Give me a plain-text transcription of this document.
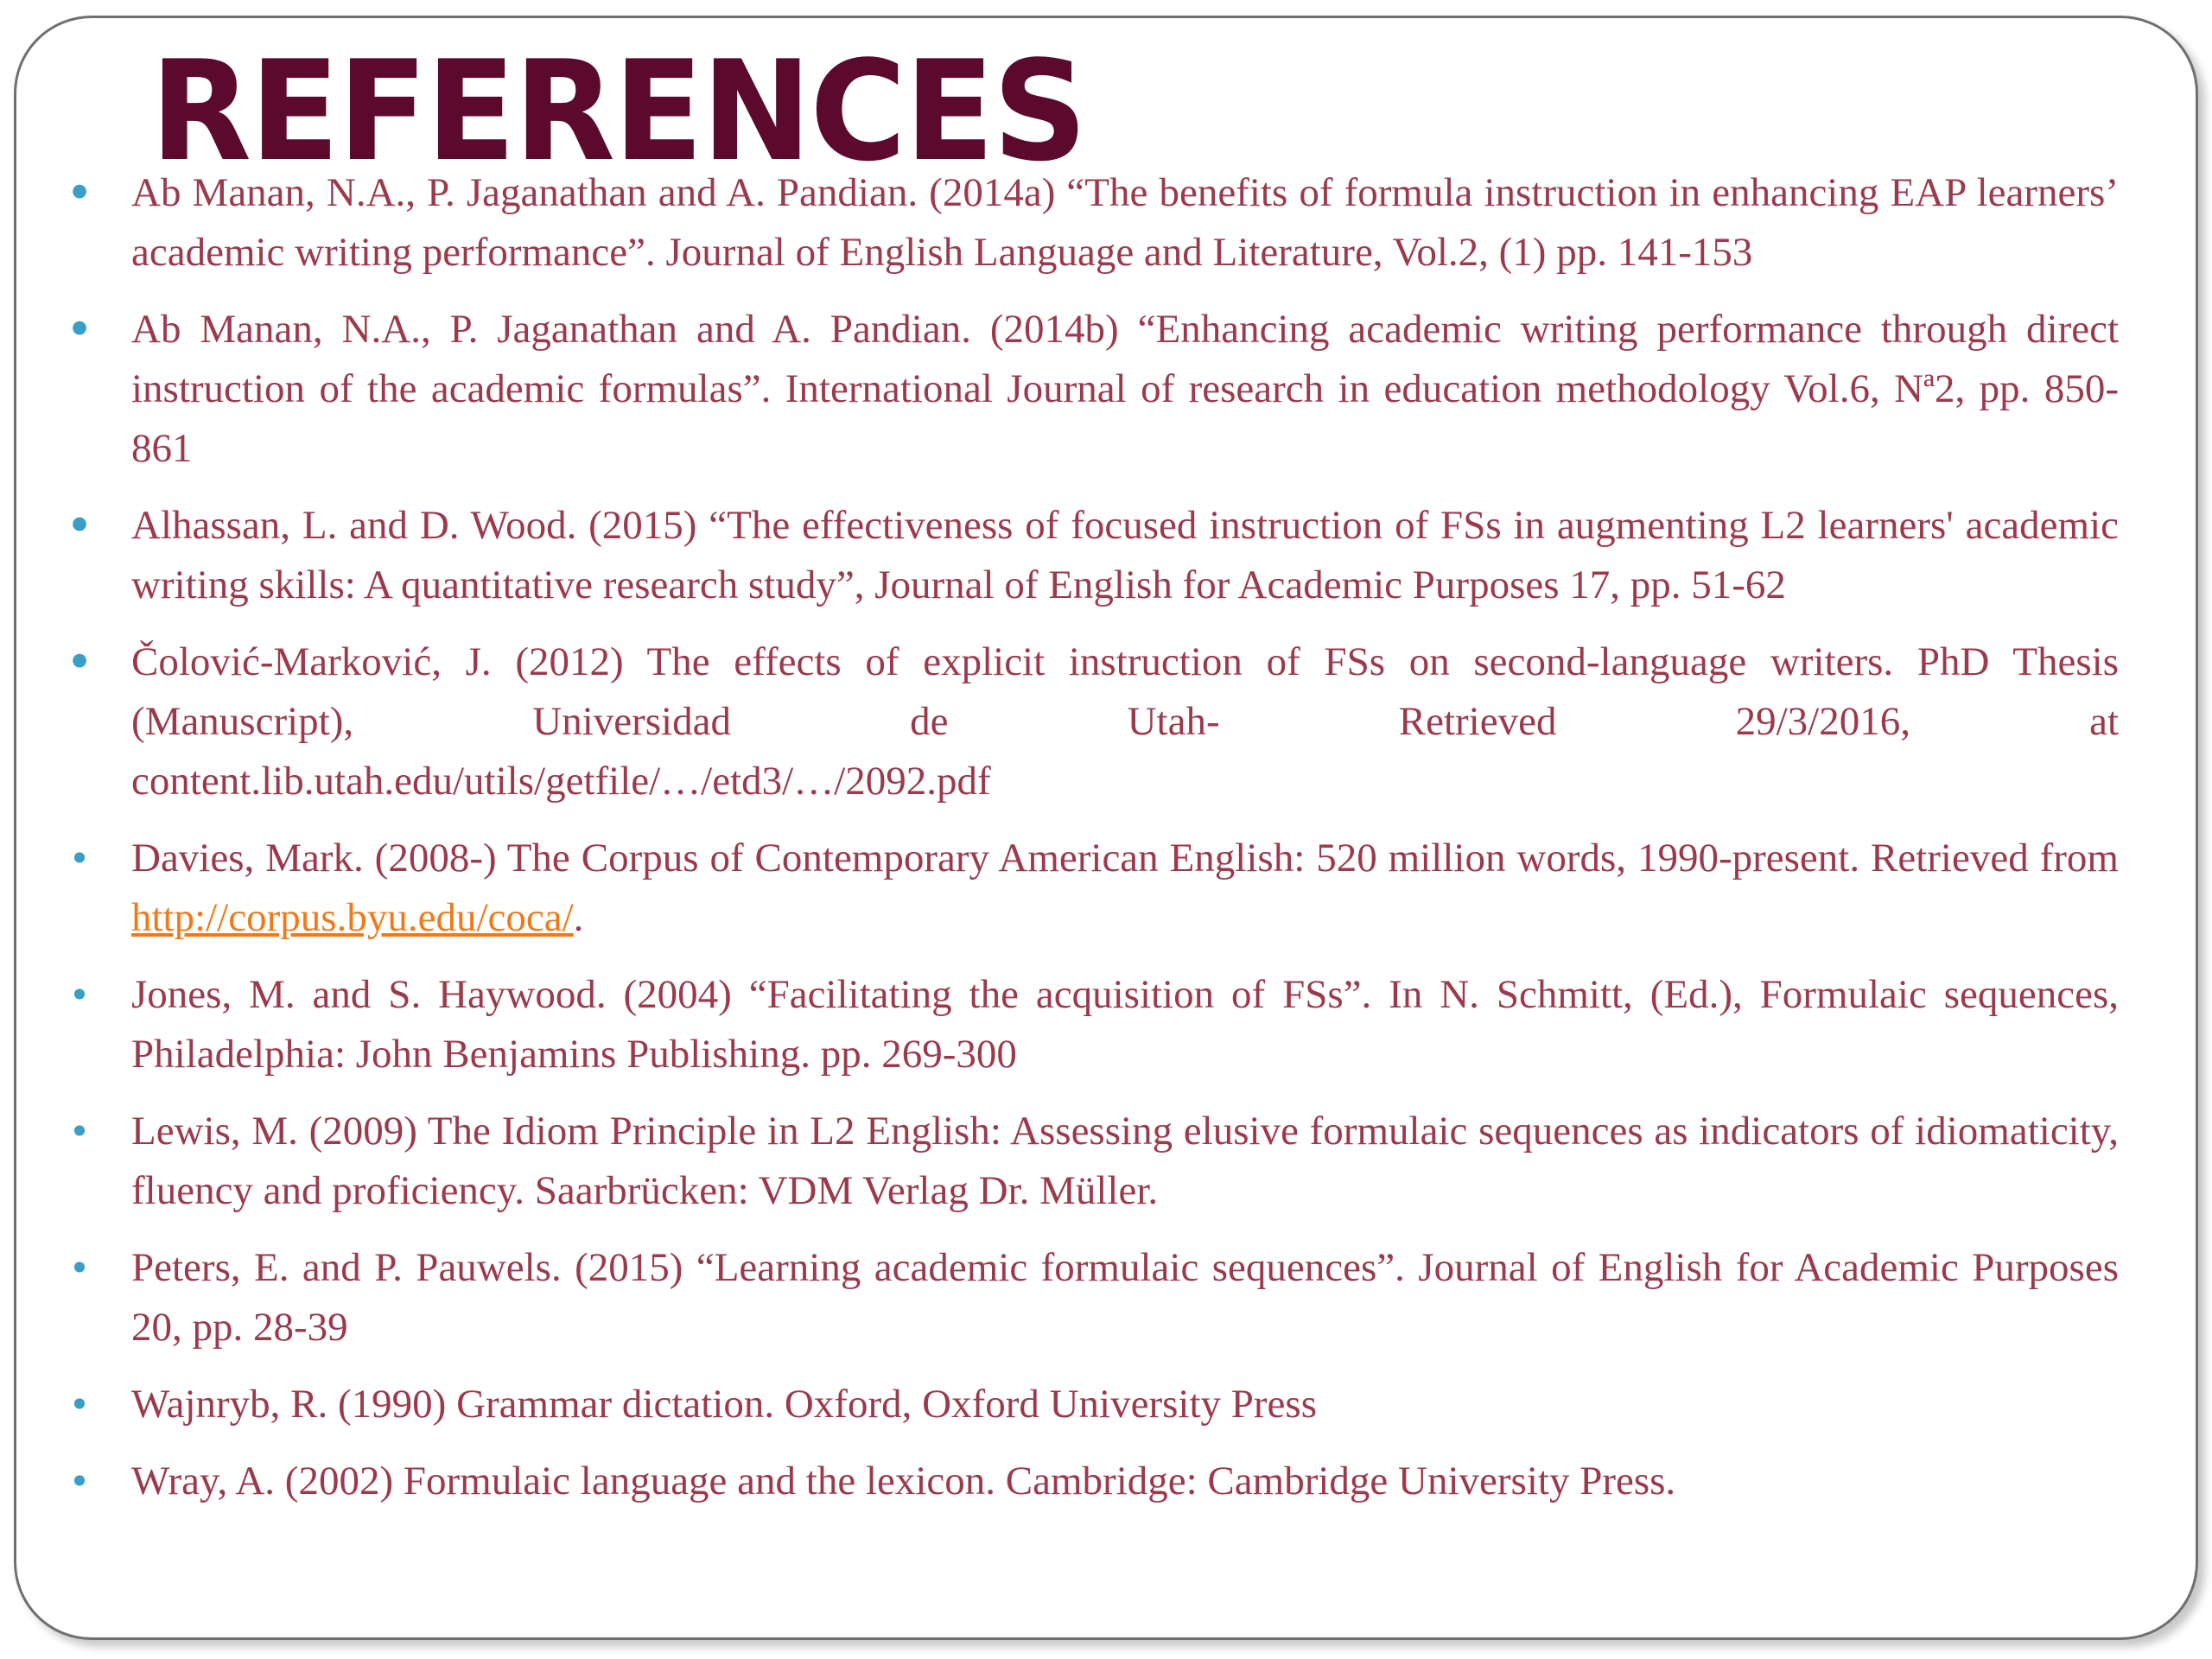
REFERENCES
• Ab Manan, N.A., P. Jaganathan and A. Pandian. (2014a) “The benefits of formula instruction in enhancing EAP learners’ academic writing performance”. Journal of English Language and Literature, Vol.2, (1) pp. 141-153
• Ab Manan, N.A., P. Jaganathan and A. Pandian. (2014b) “Enhancing academic writing performance through direct instruction of the academic formulas”. International Journal of research in education methodology Vol.6, Nª2, pp. 850-861
• Alhassan, L. and D. Wood. (2015) “The effectiveness of focused instruction of FSs in augmenting L2 learners' academic writing skills: A quantitative research study”, Journal of English for Academic Purposes 17, pp. 51-62
• Čolović-Marković, J. (2012) The effects of explicit instruction of FSs on second-language writers. PhD Thesis (Manuscript), Universidad de Utah- Retrieved 29/3/2016, at
content.lib.utah.edu/utils/getfile/…/etd3/…/2092.pdf
• Davies, Mark. (2008-) The Corpus of Contemporary American English: 520 million words, 1990-present. Retrieved from http://corpus.byu.edu/coca/.
• Jones, M. and S. Haywood. (2004) “Facilitating the acquisition of FSs”. In N. Schmitt, (Ed.), Formulaic sequences, Philadelphia: John Benjamins Publishing. pp. 269-300
• Lewis, M. (2009) The Idiom Principle in L2 English: Assessing elusive formulaic sequences as indicators of idiomaticity, fluency and proficiency. Saarbrücken: VDM Verlag Dr. Müller.
• Peters, E. and P. Pauwels. (2015) “Learning academic formulaic sequences”. Journal of English for Academic Purposes 20, pp. 28-39
• Wajnryb, R. (1990) Grammar dictation. Oxford, Oxford University Press
• Wray, A. (2002) Formulaic language and the lexicon. Cambridge: Cambridge University Press.
